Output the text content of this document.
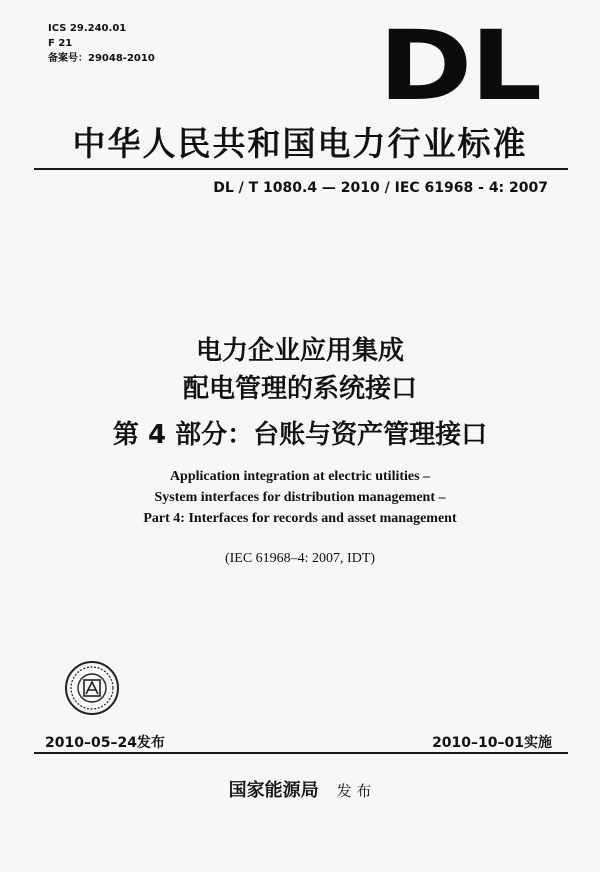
ICS 29.240.01
F 21
备案号：29048-2010 DL
中华人民共和国电力行业标准
DL / T 1080.4 — 2010 / IEC 61968 - 4: 2007
电力企业应用集成
配电管理的系统接口
第 4 部分：台账与资产管理接口
Application integration at electric utilities –
System interfaces for distribution management –
Part 4: Interfaces for records and asset management
(IEC 61968–4: 2007, IDT)
2010–05–24发布	2010–10–01实施
国家能源局 发 布
